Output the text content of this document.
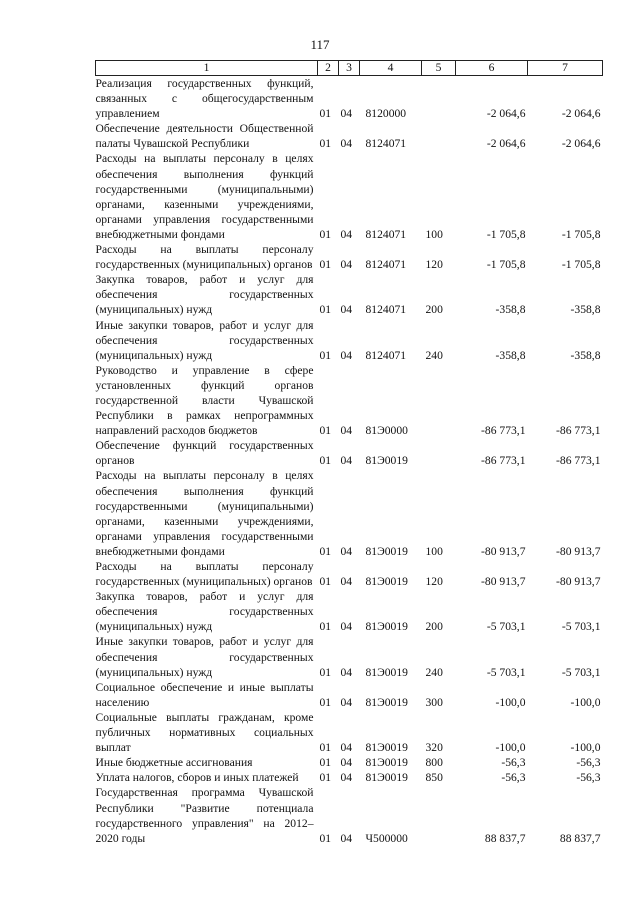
117
1	2	3	4	5	6	7
Реализация государственных функций, связанных с общегосударственным управлением	01	04	8120000		-2 064,6	-2 064,6
Обеспечение деятельности Общественной палаты Чувашской Республики	01	04	8124071		-2 064,6	-2 064,6
Расходы на выплаты персоналу в целях обеспечения выполнения функций государственными (муниципальными) органами, казенными учреждениями, органами управления государственными внебюджетными фондами	01	04	8124071	100	-1 705,8	-1 705,8
Расходы на выплаты персоналу государственных (муниципальных) органов	01	04	8124071	120	-1 705,8	-1 705,8
Закупка товаров, работ и услуг для обеспечения государственных (муниципальных) нужд	01	04	8124071	200	-358,8	-358,8
Иные закупки товаров, работ и услуг для обеспечения государственных (муниципальных) нужд	01	04	8124071	240	-358,8	-358,8
Руководство и управление в сфере установленных функций органов государственной власти Чувашской Республики в рамках непрограммных направлений расходов бюджетов	01	04	81Э0000		-86 773,1	-86 773,1
Обеспечение функций государственных органов	01	04	81Э0019		-86 773,1	-86 773,1
Расходы на выплаты персоналу в целях обеспечения выполнения функций государственными (муниципальными) органами, казенными учреждениями, органами управления государственными внебюджетными фондами	01	04	81Э0019	100	-80 913,7	-80 913,7
Расходы на выплаты персоналу государственных (муниципальных) органов	01	04	81Э0019	120	-80 913,7	-80 913,7
Закупка товаров, работ и услуг для обеспечения государственных (муниципальных) нужд	01	04	81Э0019	200	-5 703,1	-5 703,1
Иные закупки товаров, работ и услуг для обеспечения государственных (муниципальных) нужд	01	04	81Э0019	240	-5 703,1	-5 703,1
Социальное обеспечение и иные выплаты населению	01	04	81Э0019	300	-100,0	-100,0
Социальные выплаты гражданам, кроме публичных нормативных социальных выплат	01	04	81Э0019	320	-100,0	-100,0
Иные бюджетные ассигнования	01	04	81Э0019	800	-56,3	-56,3
Уплата налогов, сборов и иных платежей	01	04	81Э0019	850	-56,3	-56,3
Государственная программа Чувашской Республики "Развитие потенциала государственного управления" на 2012–2020 годы	01	04	Ч500000		88 837,7	88 837,7
